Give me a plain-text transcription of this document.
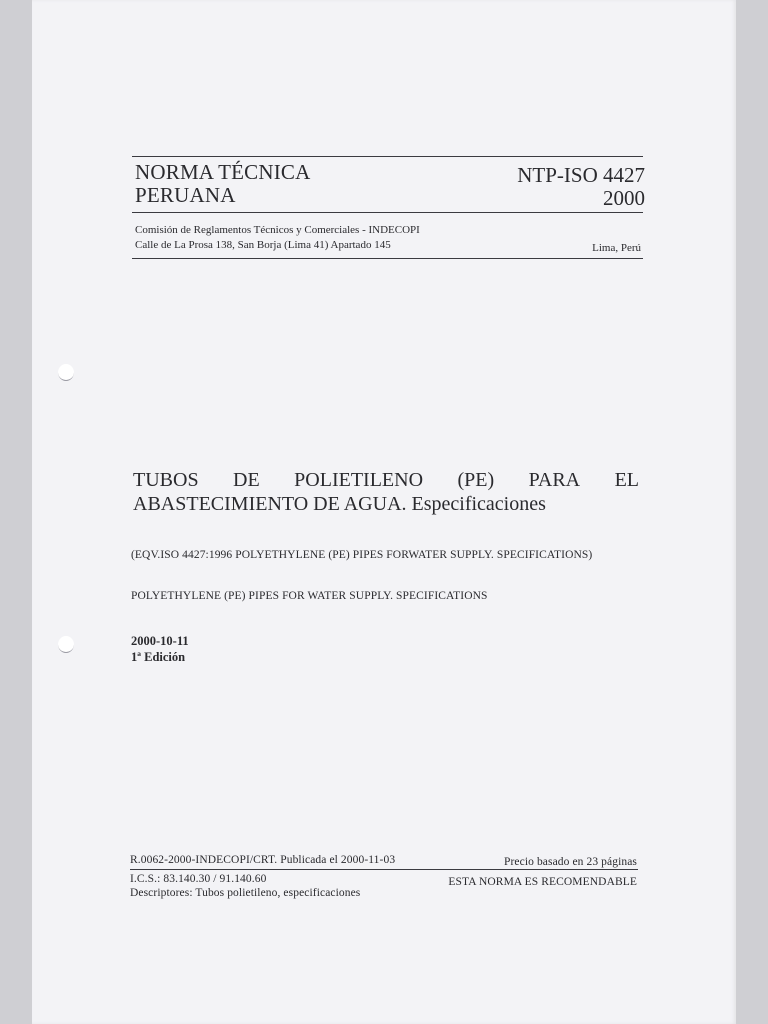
NORMA TÉCNICA
PERUANA
NTP-ISO 4427
2000
Comisión de Reglamentos Técnicos y Comerciales - INDECOPI
Calle de La Prosa 138, San Borja (Lima 41) Apartado 145	Lima, Perú
TUBOS DE POLIETILENO (PE) PARA EL
ABASTECIMIENTO DE AGUA. Especificaciones
(EQV.ISO 4427:1996 POLYETHYLENE (PE) PIPES FORWATER SUPPLY. SPECIFICATIONS)
POLYETHYLENE (PE) PIPES FOR WATER SUPPLY. SPECIFICATIONS
2000-10-11
1ª Edición
R.0062-2000-INDECOPI/CRT. Publicada el 2000-11-03	Precio basado en 23 páginas
I.C.S.: 83.140.30 / 91.140.60
Descriptores: Tubos polietileno, especificaciones
ESTA NORMA ES RECOMENDABLE
